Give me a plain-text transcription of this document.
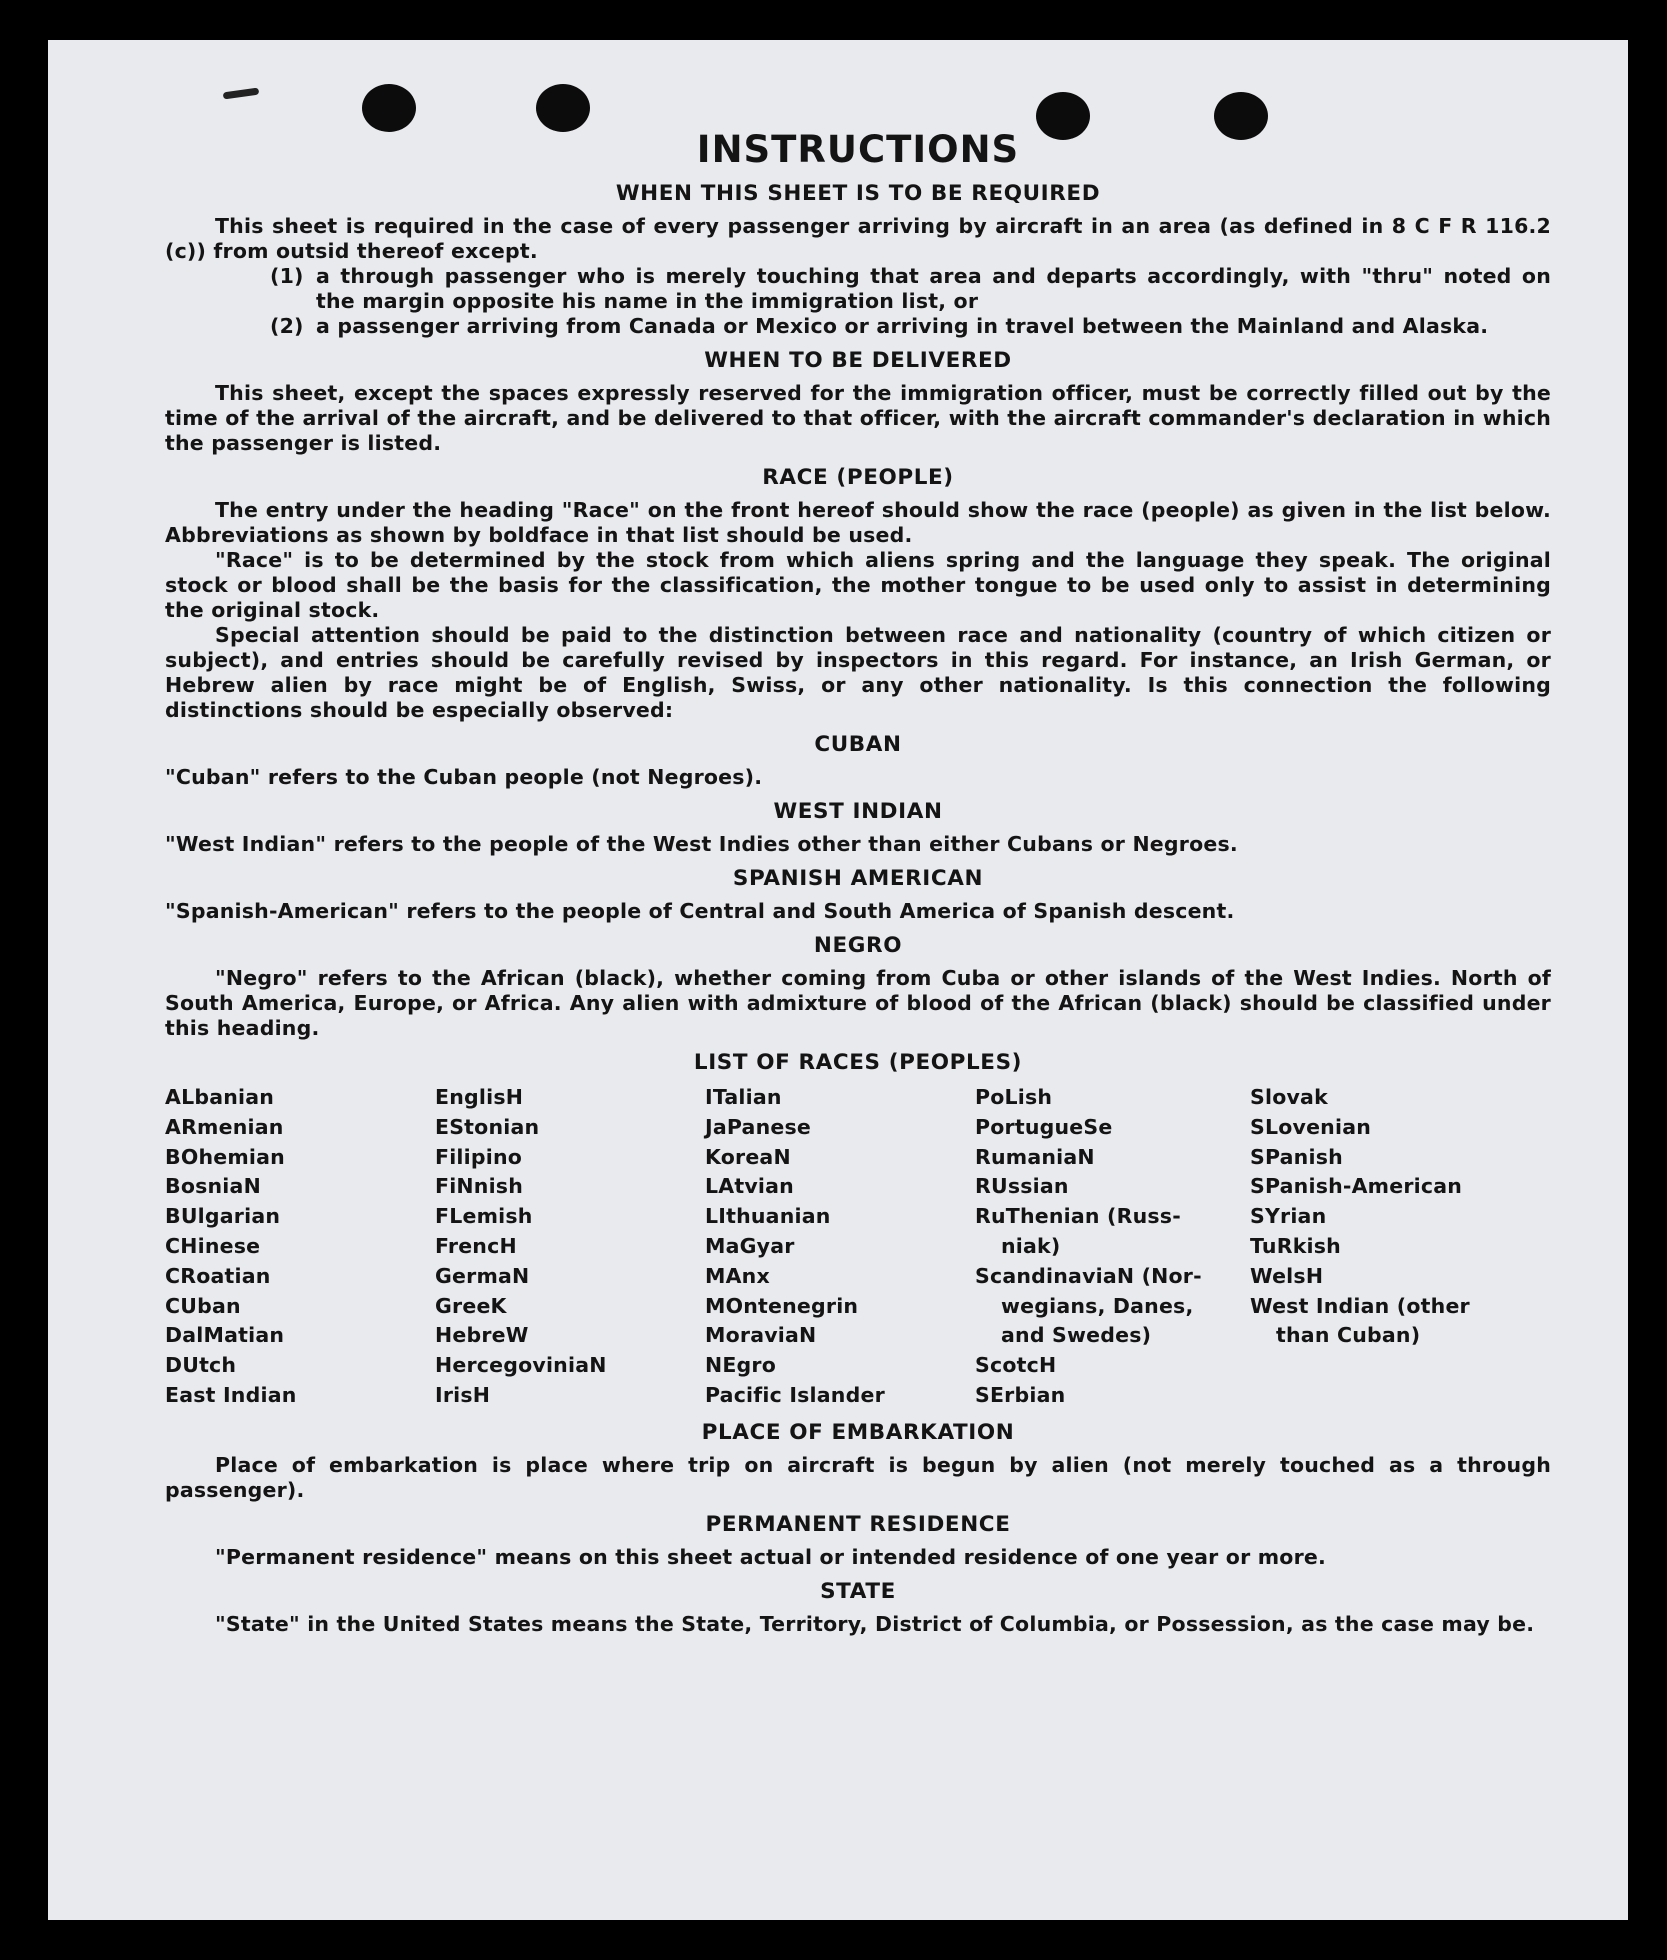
INSTRUCTIONS
WHEN THIS SHEET IS TO BE REQUIRED

This sheet is required in the case of every passenger arriving by aircraft in an area (as defined in 8 C F R 116.2 (c)) from outsid thereof except.

(1) a through passenger who is merely touching that area and departs accordingly, with "thru" noted on the margin opposite his name in the immigration list, or
(2) a passenger arriving from Canada or Mexico or arriving in travel between the Mainland and Alaska.
WHEN TO BE DELIVERED

This sheet, except the spaces expressly reserved for the immigration officer, must be correctly filled out by the time of the arrival of the aircraft, and be delivered to that officer, with the aircraft commander's declaration in which the passenger is listed.

RACE (PEOPLE)

The entry under the heading "Race" on the front hereof should show the race (people) as given in the list below. Abbreviations as shown by boldface in that list should be used.

"Race" is to be determined by the stock from which aliens spring and the language they speak. The original stock or blood shall be the basis for the classification, the mother tongue to be used only to assist in determining the original stock.

Special attention should be paid to the distinction between race and nationality (country of which citizen or subject), and entries should be carefully revised by inspectors in this regard. For instance, an Irish German, or Hebrew alien by race might be of English, Swiss, or any other nationality. Is this connection the following distinctions should be especially observed:

CUBAN

"Cuban" refers to the Cuban people (not Negroes).

WEST INDIAN

"West Indian" refers to the people of the West Indies other than either Cubans or Negroes.

SPANISH AMERICAN

"Spanish-American" refers to the people of Central and South America of Spanish descent.

NEGRO

"Negro" refers to the African (black), whether coming from Cuba or other islands of the West Indies. North of South America, Europe, or Africa. Any alien with admixture of blood of the African (black) should be classified under this heading.

LIST OF RACES (PEOPLES)
ALbanian
ARmenian
BOhemian
BosniaN
BUlgarian
CHinese
CRoatian
CUban
DalMatian
DUtch
East Indian
EnglisH
EStonian
Filipino
FiNnish
FLemish
FrencH
GermaN
GreeK
HebreW
HercegoviniaN
IrisH
ITalian
JaPanese
KoreaN
LAtvian
LIthuanian
MaGyar
MAnx
MOntenegrin
MoraviaN
NEgro
Pacific Islander
PoLish
PortugueSe
RumaniaN
RUssian
RuThenian (Russ-
niak)
ScandinaviaN (Nor-
wegians, Danes,
and Swedes)
ScotcH
SErbian
Slovak
SLovenian
SPanish
SPanish-American
SYrian
TuRkish
WelsH
West Indian (other
than Cuban)
PLACE OF EMBARKATION

Place of embarkation is place where trip on aircraft is begun by alien (not merely touched as a through passenger).

PERMANENT RESIDENCE

"Permanent residence" means on this sheet actual or intended residence of one year or more.

STATE

"State" in the United States means the State, Territory, District of Columbia, or Possession, as the case may be.
